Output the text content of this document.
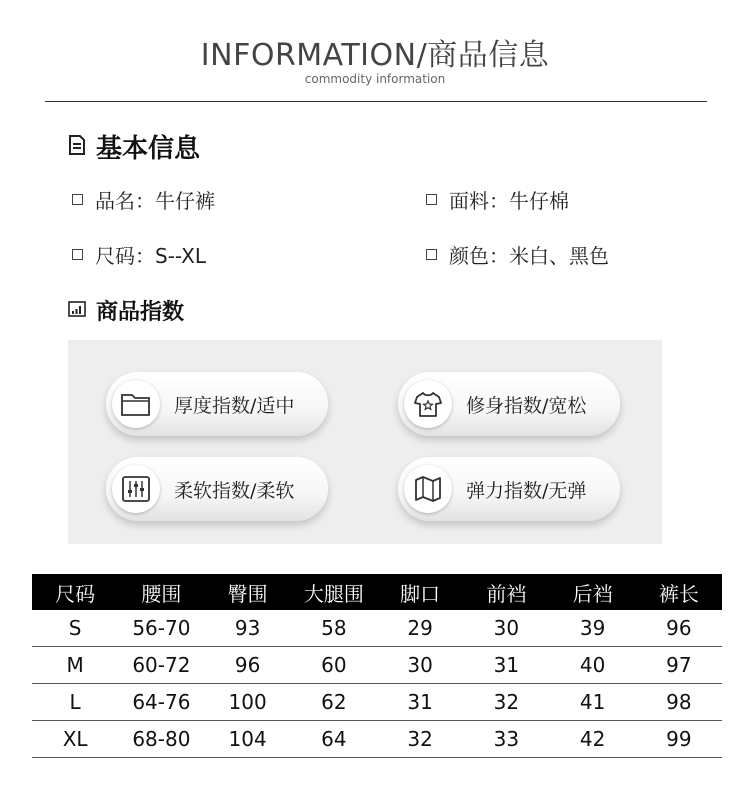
INFORMATION/商品信息
commodity information
基本信息
品名：牛仔裤	面料：牛仔棉
尺码：S--XL	颜色：米白、黑色
商品指数
厚度指数/适中	修身指数/宽松
柔软指数/柔软	弹力指数/无弹
尺码	腰围	臀围	大腿围	脚口	前裆	后裆	裤长
S	56-70	93	58	29	30	39	96
M	60-72	96	60	30	31	40	97
L	64-76	100	62	31	32	41	98
XL	68-80	104	64	32	33	42	99
